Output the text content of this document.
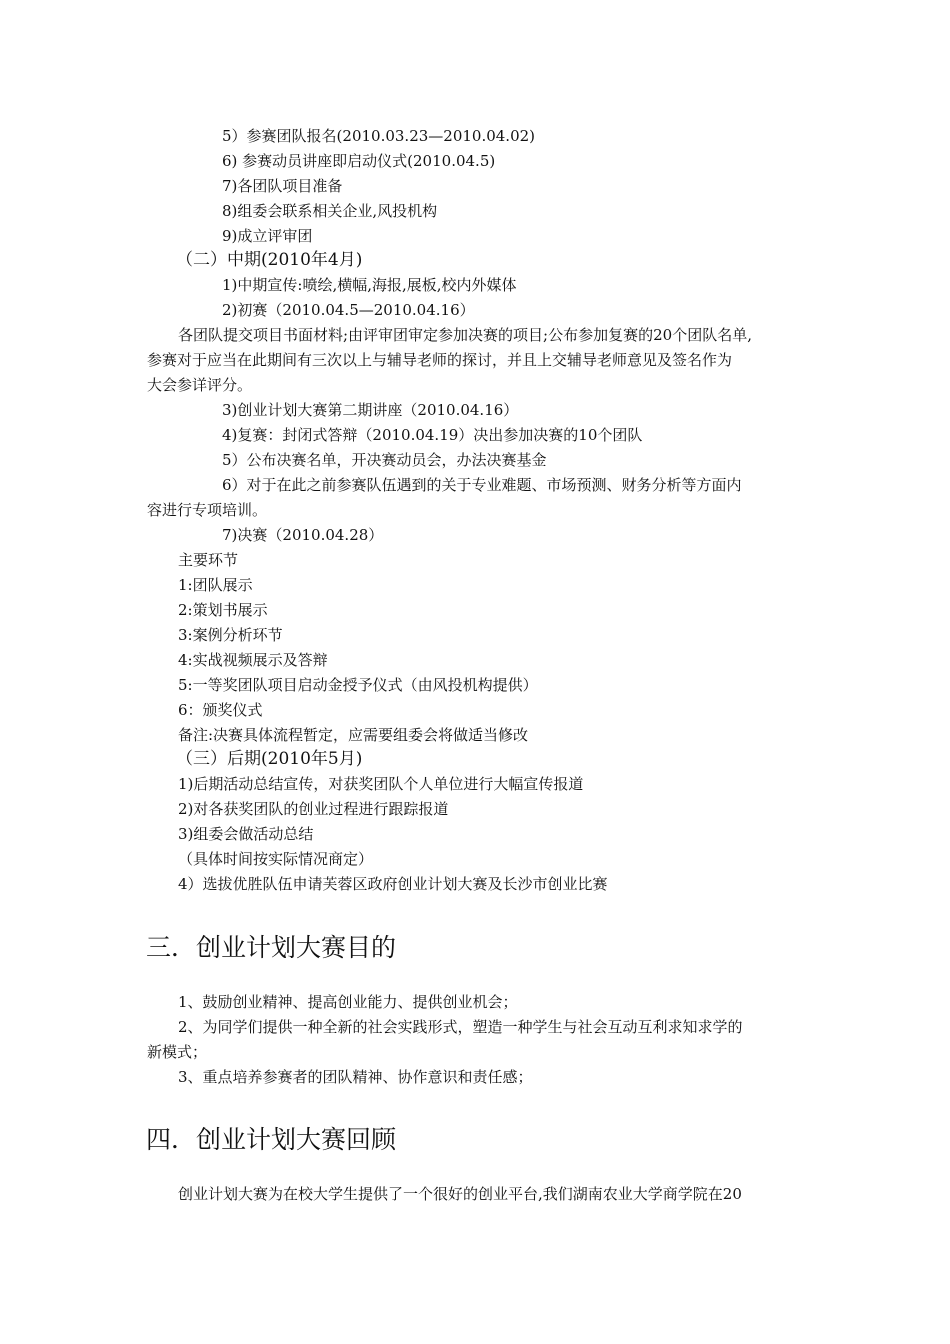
5）参赛团队报名(2010.03.23—2010.04.02)
6) 参赛动员讲座即启动仪式(2010.04.5)
7)各团队项目准备
8)组委会联系相关企业,风投机构
9)成立评审团
（二）中期(2010年4月)
1)中期宣传:喷绘,横幅,海报,展板,校内外媒体
2)初赛（2010.04.5—2010.04.16）
各团队提交项目书面材料;由评审团审定参加决赛的项目;公布参加复赛的20个团队名单,
参赛对于应当在此期间有三次以上与辅导老师的探讨，并且上交辅导老师意见及签名作为
大会参详评分。
3)创业计划大赛第二期讲座（2010.04.16）
4)复赛：封闭式答辩（2010.04.19）决出参加决赛的10个团队
5）公布决赛名单，开决赛动员会，办法决赛基金
6）对于在此之前参赛队伍遇到的关于专业难题、市场预测、财务分析等方面内
容进行专项培训。
7)决赛（2010.04.28）
主要环节
1:团队展示
2:策划书展示
3:案例分析环节
4:实战视频展示及答辩
5:一等奖团队项目启动金授予仪式（由风投机构提供）
6：颁奖仪式
备注:决赛具体流程暂定，应需要组委会将做适当修改
（三）后期(2010年5月)
1)后期活动总结宣传，对获奖团队个人单位进行大幅宣传报道
2)对各获奖团队的创业过程进行跟踪报道
3)组委会做活动总结
（具体时间按实际情况商定）
4）选拔优胜队伍申请芙蓉区政府创业计划大赛及长沙市创业比赛
三．创业计划大赛目的
1、鼓励创业精神、提高创业能力、提供创业机会；
2、为同学们提供一种全新的社会实践形式，塑造一种学生与社会互动互利求知求学的
新模式；
3、重点培养参赛者的团队精神、协作意识和责任感；
四．创业计划大赛回顾
创业计划大赛为在校大学生提供了一个很好的创业平台,我们湖南农业大学商学院在20
